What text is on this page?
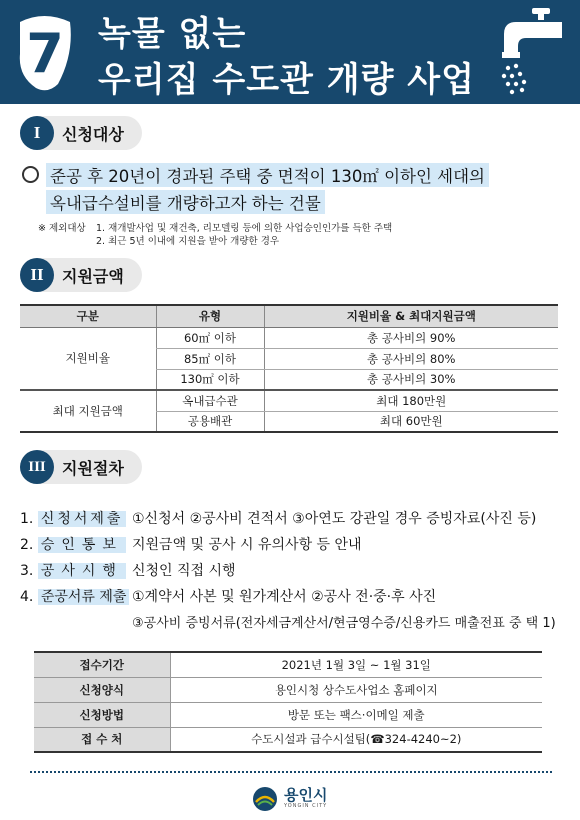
7 녹물 없는
우리집 수도관 개량 사업
I	신청대상
준공 후 20년이 경과된 주택 중 면적이 130㎡ 이하인 세대의
옥내급수설비를 개량하고자 하는 건물
※ 제외대상	1. 재개발사업 및 재건축, 리모델링 등에 의한 사업승인인가를 득한 주택
2. 최근 5년 이내에 지원을 받아 개량한 경우
II	지원금액
구분	유형	지원비율 & 최대지원금액
지원비율	60㎡ 이하	총 공사비의 90%
	85㎡ 이하	총 공사비의 80%
	130㎡ 이하	총 공사비의 30%
최대 지원금액	옥내급수관	최대 180만원
	공용배관	최대 60만원
III	지원절차
1. 신청서제출 ①신청서 ②공사비 견적서 ③아연도 강관일 경우 증빙자료(사진 등)
2. 승인통보 지원금액 및 공사 시 유의사항 등 안내
3. 공사시행 신청인 직접 시행
4. 준공서류 제출 ①계약서 사본 및 원가계산서 ②공사 전·중·후 사진
③공사비 증빙서류(전자세금계산서/현금영수증/신용카드 매출전표 중 택 1)
접수기간	2021년 1월 3일 ~ 1월 31일
신청양식	용인시청 상수도사업소 홈페이지
신청방법	방문 또는 팩스·이메일 제출
접 수 처	수도시설과 급수시설팀(☎324-4240~2)
용인시
YONGIN CITY
